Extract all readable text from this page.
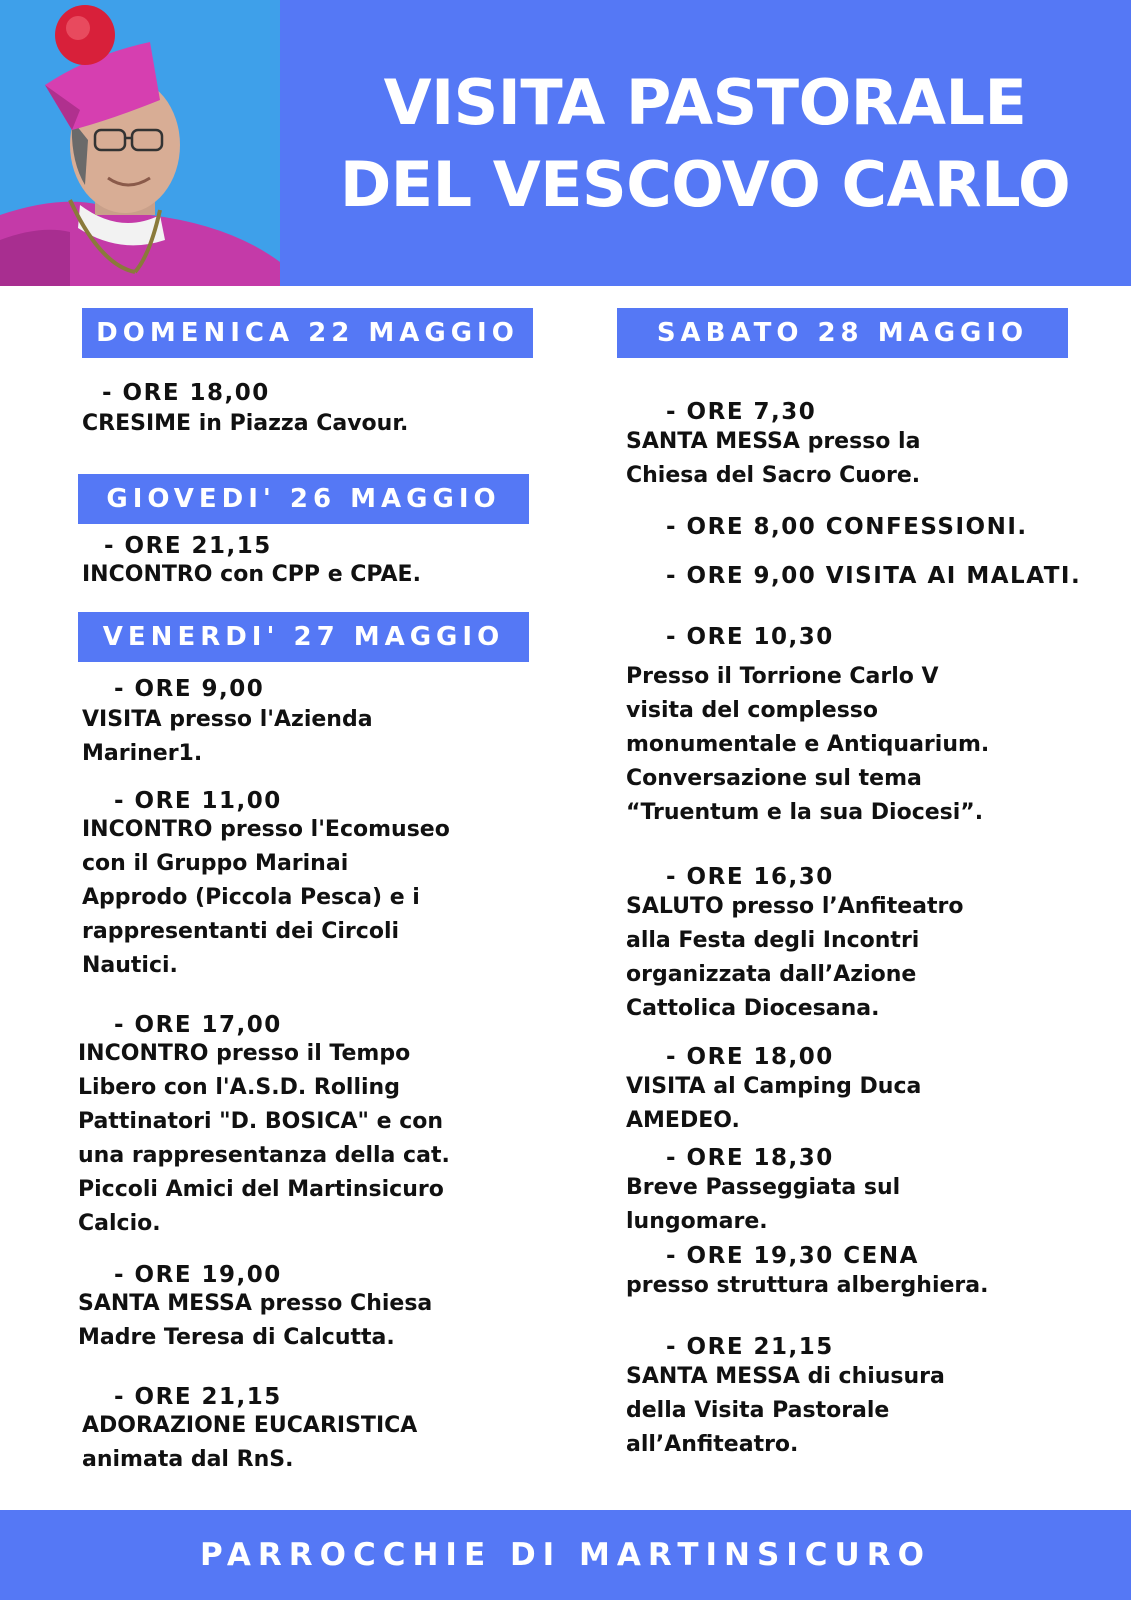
VISITA PASTORALE
DEL VESCOVO CARLO
DOMENICA 22 MAGGIO
- ORE 18,00
CRESIME in Piazza Cavour.
GIOVEDI' 26 MAGGIO
- ORE 21,15
INCONTRO con CPP e CPAE.
VENERDI' 27 MAGGIO
- ORE 9,00
VISITA presso l'Azienda
Mariner1.
- ORE 11,00
INCONTRO presso l'Ecomuseo
con il Gruppo Marinai
Approdo (Piccola Pesca) e i
rappresentanti dei Circoli
Nautici.
- ORE 17,00
INCONTRO presso il Tempo
Libero con l'A.S.D. Rolling
Pattinatori "D. BOSICA" e con
una rappresentanza della cat.
Piccoli Amici del Martinsicuro
Calcio.
- ORE 19,00
SANTA MESSA presso Chiesa
Madre Teresa di Calcutta.
- ORE 21,15
ADORAZIONE EUCARISTICA
animata dal RnS.
SABATO 28 MAGGIO
- ORE 7,30
SANTA MESSA presso la
Chiesa del Sacro Cuore.
- ORE 8,00 CONFESSIONI.
- ORE 9,00 VISITA AI MALATI.
- ORE 10,30
Presso il Torrione Carlo V
visita del complesso
monumentale e Antiquarium.
Conversazione sul tema
“Truentum e la sua Diocesi”.
- ORE 16,30
SALUTO presso l’Anfiteatro
alla Festa degli Incontri
organizzata dall’Azione
Cattolica Diocesana.
- ORE 18,00
VISITA al Camping Duca
AMEDEO.
- ORE 18,30
Breve Passeggiata sul
lungomare.
- ORE 19,30 CENA
presso struttura alberghiera.
- ORE 21,15
SANTA MESSA di chiusura
della Visita Pastorale
all’Anfiteatro.
PARROCCHIE DI MARTINSICURO
